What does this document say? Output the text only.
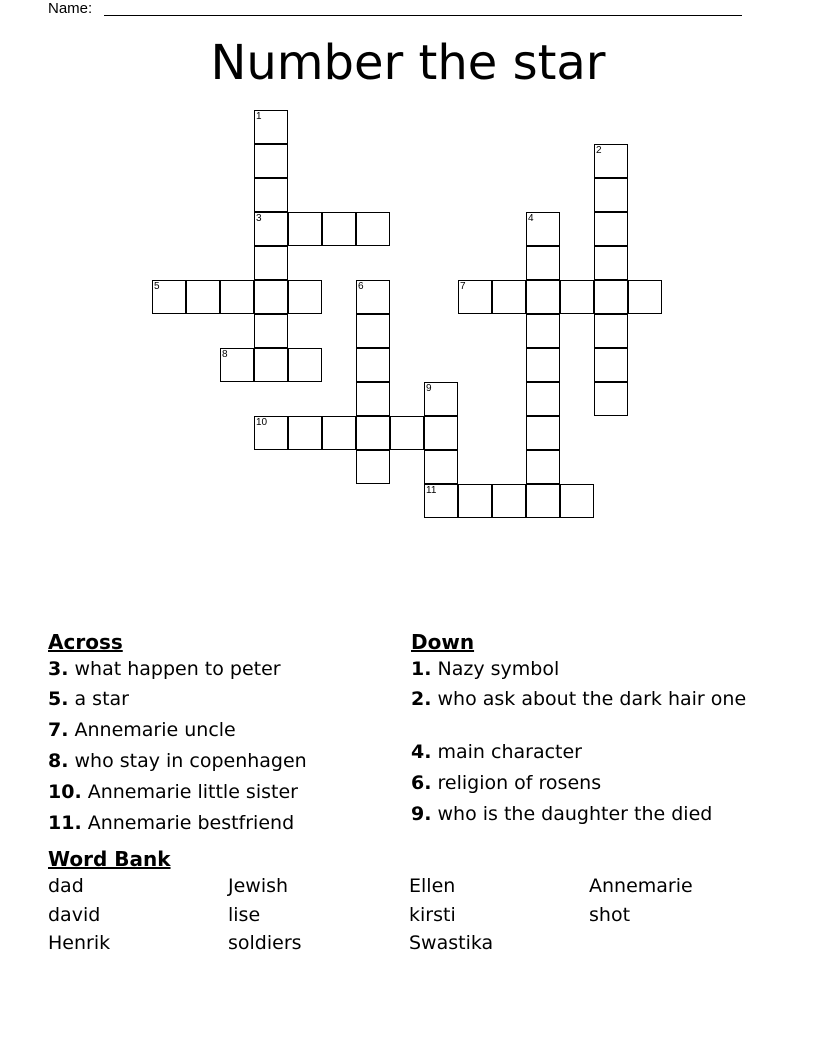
Name:
Number the star
1
2
3	4
5	6	7
8
9
10
11
Across
3. what happen to peter
5. a star
7. Annemarie uncle
8. who stay in copenhagen
10. Annemarie little sister
11. Annemarie bestfriend
Down
1. Nazy symbol
2. who ask about the dark hair one
4. main character
6. religion of rosens
9. who is the daughter the died
Word Bank
dad	Jewish	Ellen	Annemarie
david	lise	kirsti	shot
Henrik	soldiers	Swastika
